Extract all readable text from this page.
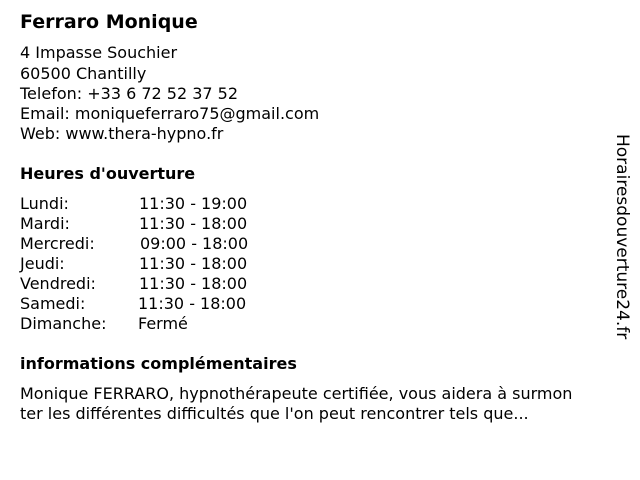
Ferraro Monique
4 Impasse Souchier
60500 Chantilly
Telefon: +33 6 72 52 37 52
Email: moniqueferraro75@gmail.com
Web: www.thera-hypno.fr
Heures d'ouverture
Lundi:	11:30 - 19:00
Mardi:	11:30 - 18:00
Mercredi:	09:00 - 18:00
Jeudi:	11:30 - 18:00
Vendredi:	11:30 - 18:00
Samedi:	11:30 - 18:00
Dimanche: Fermé
informations complémentaires
Monique FERRARO, hypnothérapeute certifiée, vous aidera à surmon
ter les différentes difficultés que l'on peut rencontrer tels que...
Horairesdouverture24.fr
